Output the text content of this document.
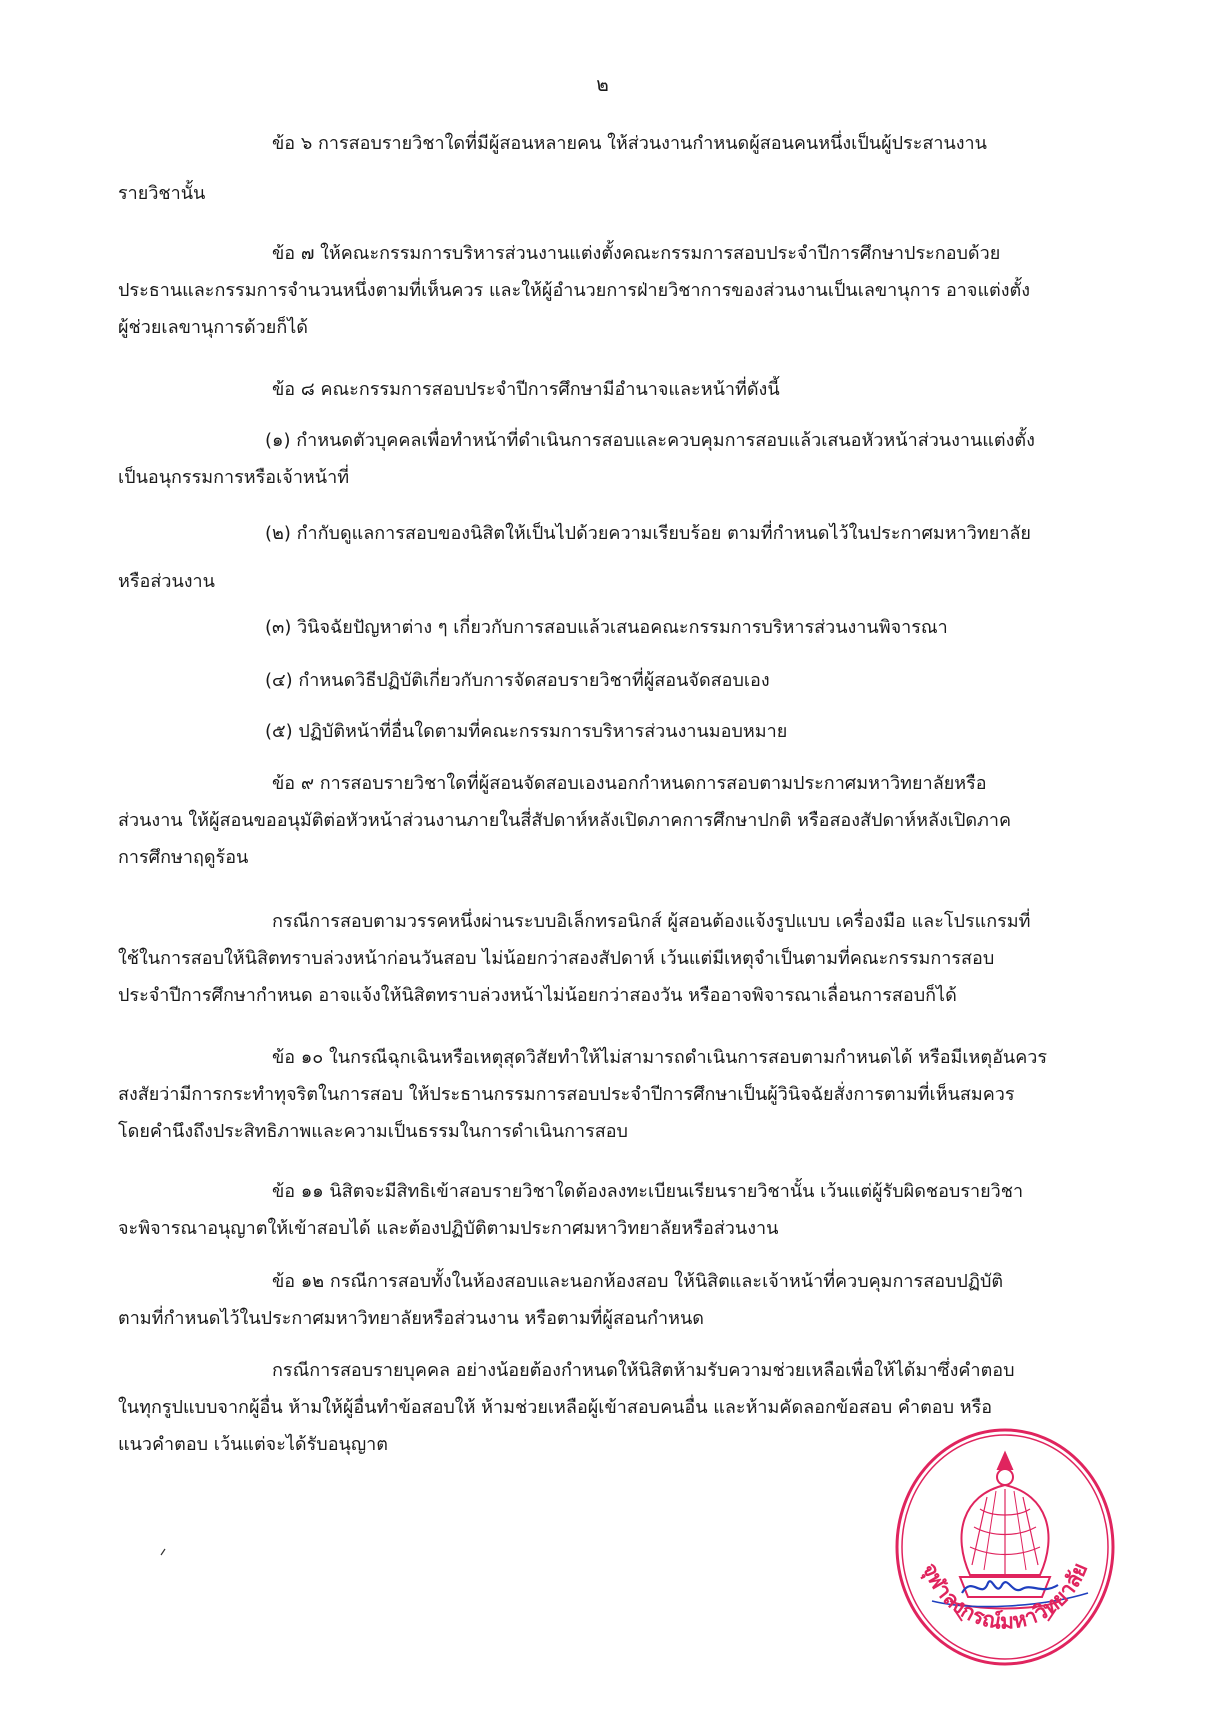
๒

ข้อ ๖ การสอบรายวิชาใดที่มีผู้สอนหลายคน ให้ส่วนงานกำหนดผู้สอนคนหนึ่งเป็นผู้ประสานงาน

รายวิชานั้น

ข้อ ๗ ให้คณะกรรมการบริหารส่วนงานแต่งตั้งคณะกรรมการสอบประจำปีการศึกษาประกอบด้วย

ประธานและกรรมการจำนวนหนึ่งตามที่เห็นควร และให้ผู้อำนวยการฝ่ายวิชาการของส่วนงานเป็นเลขานุการ อาจแต่งตั้ง

ผู้ช่วยเลขานุการด้วยก็ได้

ข้อ ๘ คณะกรรมการสอบประจำปีการศึกษามีอำนาจและหน้าที่ดังนี้

(๑) กำหนดตัวบุคคลเพื่อทำหน้าที่ดำเนินการสอบและควบคุมการสอบแล้วเสนอหัวหน้าส่วนงานแต่งตั้ง

เป็นอนุกรรมการหรือเจ้าหน้าที่

(๒) กำกับดูแลการสอบของนิสิตให้เป็นไปด้วยความเรียบร้อย ตามที่กำหนดไว้ในประกาศมหาวิทยาลัย

หรือส่วนงาน

(๓) วินิจฉัยปัญหาต่าง ๆ เกี่ยวกับการสอบแล้วเสนอคณะกรรมการบริหารส่วนงานพิจารณา

(๔) กำหนดวิธีปฏิบัติเกี่ยวกับการจัดสอบรายวิชาที่ผู้สอนจัดสอบเอง

(๕) ปฏิบัติหน้าที่อื่นใดตามที่คณะกรรมการบริหารส่วนงานมอบหมาย

ข้อ ๙ การสอบรายวิชาใดที่ผู้สอนจัดสอบเองนอกกำหนดการสอบตามประกาศมหาวิทยาลัยหรือ

ส่วนงาน ให้ผู้สอนขออนุมัติต่อหัวหน้าส่วนงานภายในสี่สัปดาห์หลังเปิดภาคการศึกษาปกติ หรือสองสัปดาห์หลังเปิดภาค

การศึกษาฤดูร้อน

กรณีการสอบตามวรรคหนึ่งผ่านระบบอิเล็กทรอนิกส์ ผู้สอนต้องแจ้งรูปแบบ เครื่องมือ และโปรแกรมที่

ใช้ในการสอบให้นิสิตทราบล่วงหน้าก่อนวันสอบ ไม่น้อยกว่าสองสัปดาห์ เว้นแต่มีเหตุจำเป็นตามที่คณะกรรมการสอบ

ประจำปีการศึกษากำหนด อาจแจ้งให้นิสิตทราบล่วงหน้าไม่น้อยกว่าสองวัน หรืออาจพิจารณาเลื่อนการสอบก็ได้

ข้อ ๑๐ ในกรณีฉุกเฉินหรือเหตุสุดวิสัยทำให้ไม่สามารถดำเนินการสอบตามกำหนดได้ หรือมีเหตุอันควร

สงสัยว่ามีการกระทำทุจริตในการสอบ ให้ประธานกรรมการสอบประจำปีการศึกษาเป็นผู้วินิจฉัยสั่งการตามที่เห็นสมควร

โดยคำนึงถึงประสิทธิภาพและความเป็นธรรมในการดำเนินการสอบ

ข้อ ๑๑ นิสิตจะมีสิทธิเข้าสอบรายวิชาใดต้องลงทะเบียนเรียนรายวิชานั้น เว้นแต่ผู้รับผิดชอบรายวิชา

จะพิจารณาอนุญาตให้เข้าสอบได้ และต้องปฏิบัติตามประกาศมหาวิทยาลัยหรือส่วนงาน

ข้อ ๑๒ กรณีการสอบทั้งในห้องสอบและนอกห้องสอบ ให้นิสิตและเจ้าหน้าที่ควบคุมการสอบปฏิบัติ

ตามที่กำหนดไว้ในประกาศมหาวิทยาลัยหรือส่วนงาน หรือตามที่ผู้สอนกำหนด

กรณีการสอบรายบุคคล อย่างน้อยต้องกำหนดให้นิสิตห้ามรับความช่วยเหลือเพื่อให้ได้มาซึ่งคำตอบ

ในทุกรูปแบบจากผู้อื่น ห้ามให้ผู้อื่นทำข้อสอบให้ ห้ามช่วยเหลือผู้เข้าสอบคนอื่น และห้ามคัดลอกข้อสอบ คำตอบ หรือ

แนวคำตอบ เว้นแต่จะได้รับอนุญาต

จุฬาลงกรณ์มหาวิทยาลัย
